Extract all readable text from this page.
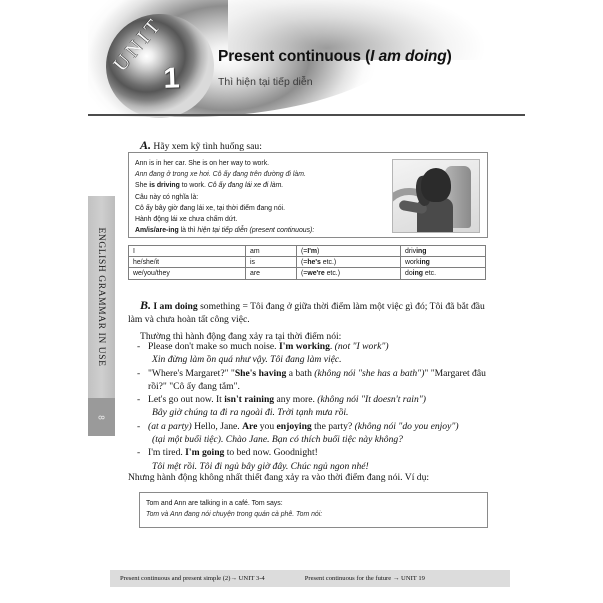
UNIT
1
Present continuous (I am doing)
Thì hiện tại tiếp diễn
ENGLISH GRAMMAR IN USE
8
A. Hãy xem kỹ tình huống sau:
Ann is in her car. She is on her way to work.
Ann đang ở trong xe hơi. Cô ấy đang trên đường đi làm.
She is driving to work. Cô ấy đang lái xe đi làm.
Câu này có nghĩa là:
Cô ấy bây giờ đang lái xe, tại thời điểm đang nói.
Hành động lái xe chưa chấm dứt.
Am/is/are-ing là thì hiện tại tiếp diễn (present continuous):
I	am	(=I'm)	driving
he/she/it	is	(=he's etc.)	working
we/you/they	are	(=we're etc.)	doing etc.
B. I am doing something = Tôi đang ở giữa thời điểm làm một việc gì đó; Tôi đã bắt đầu làm và chưa hoàn tất công việc.
Thường thì hành động đang xảy ra tại thời điểm nói:
- Please don't make so much noise. I'm working. (not "I work")
Xin đừng làm ồn quá như vậy. Tôi đang làm việc.
- "Where's Margaret?" "She's having a bath (không nói "she has a bath")" "Margaret đâu rồi?" "Cô ấy đang tắm".
- Let's go out now. It isn't raining any more. (không nói "It doesn't rain")
Bây giờ chúng ta đi ra ngoài đi. Trời tạnh mưa rồi.
- (at a party) Hello, Jane. Are you enjoying the party? (không nói "do you enjoy")
(tại một buổi tiệc). Chào Jane. Bạn có thích buổi tiệc này không?
- I'm tired. I'm going to bed now. Goodnight!
Tôi mệt rồi. Tôi đi ngủ bây giờ đây. Chúc ngủ ngon nhé!
Nhưng hành động không nhất thiết đang xảy ra vào thời điểm đang nói. Ví dụ:
Tom and Ann are talking in a café. Tom says:
Tom và Ann đang nói chuyện trong quán cà phê. Tom nói:
Present continuous and present simple (2)→ UNIT 3-4	Present continuous for the future → UNIT 19
